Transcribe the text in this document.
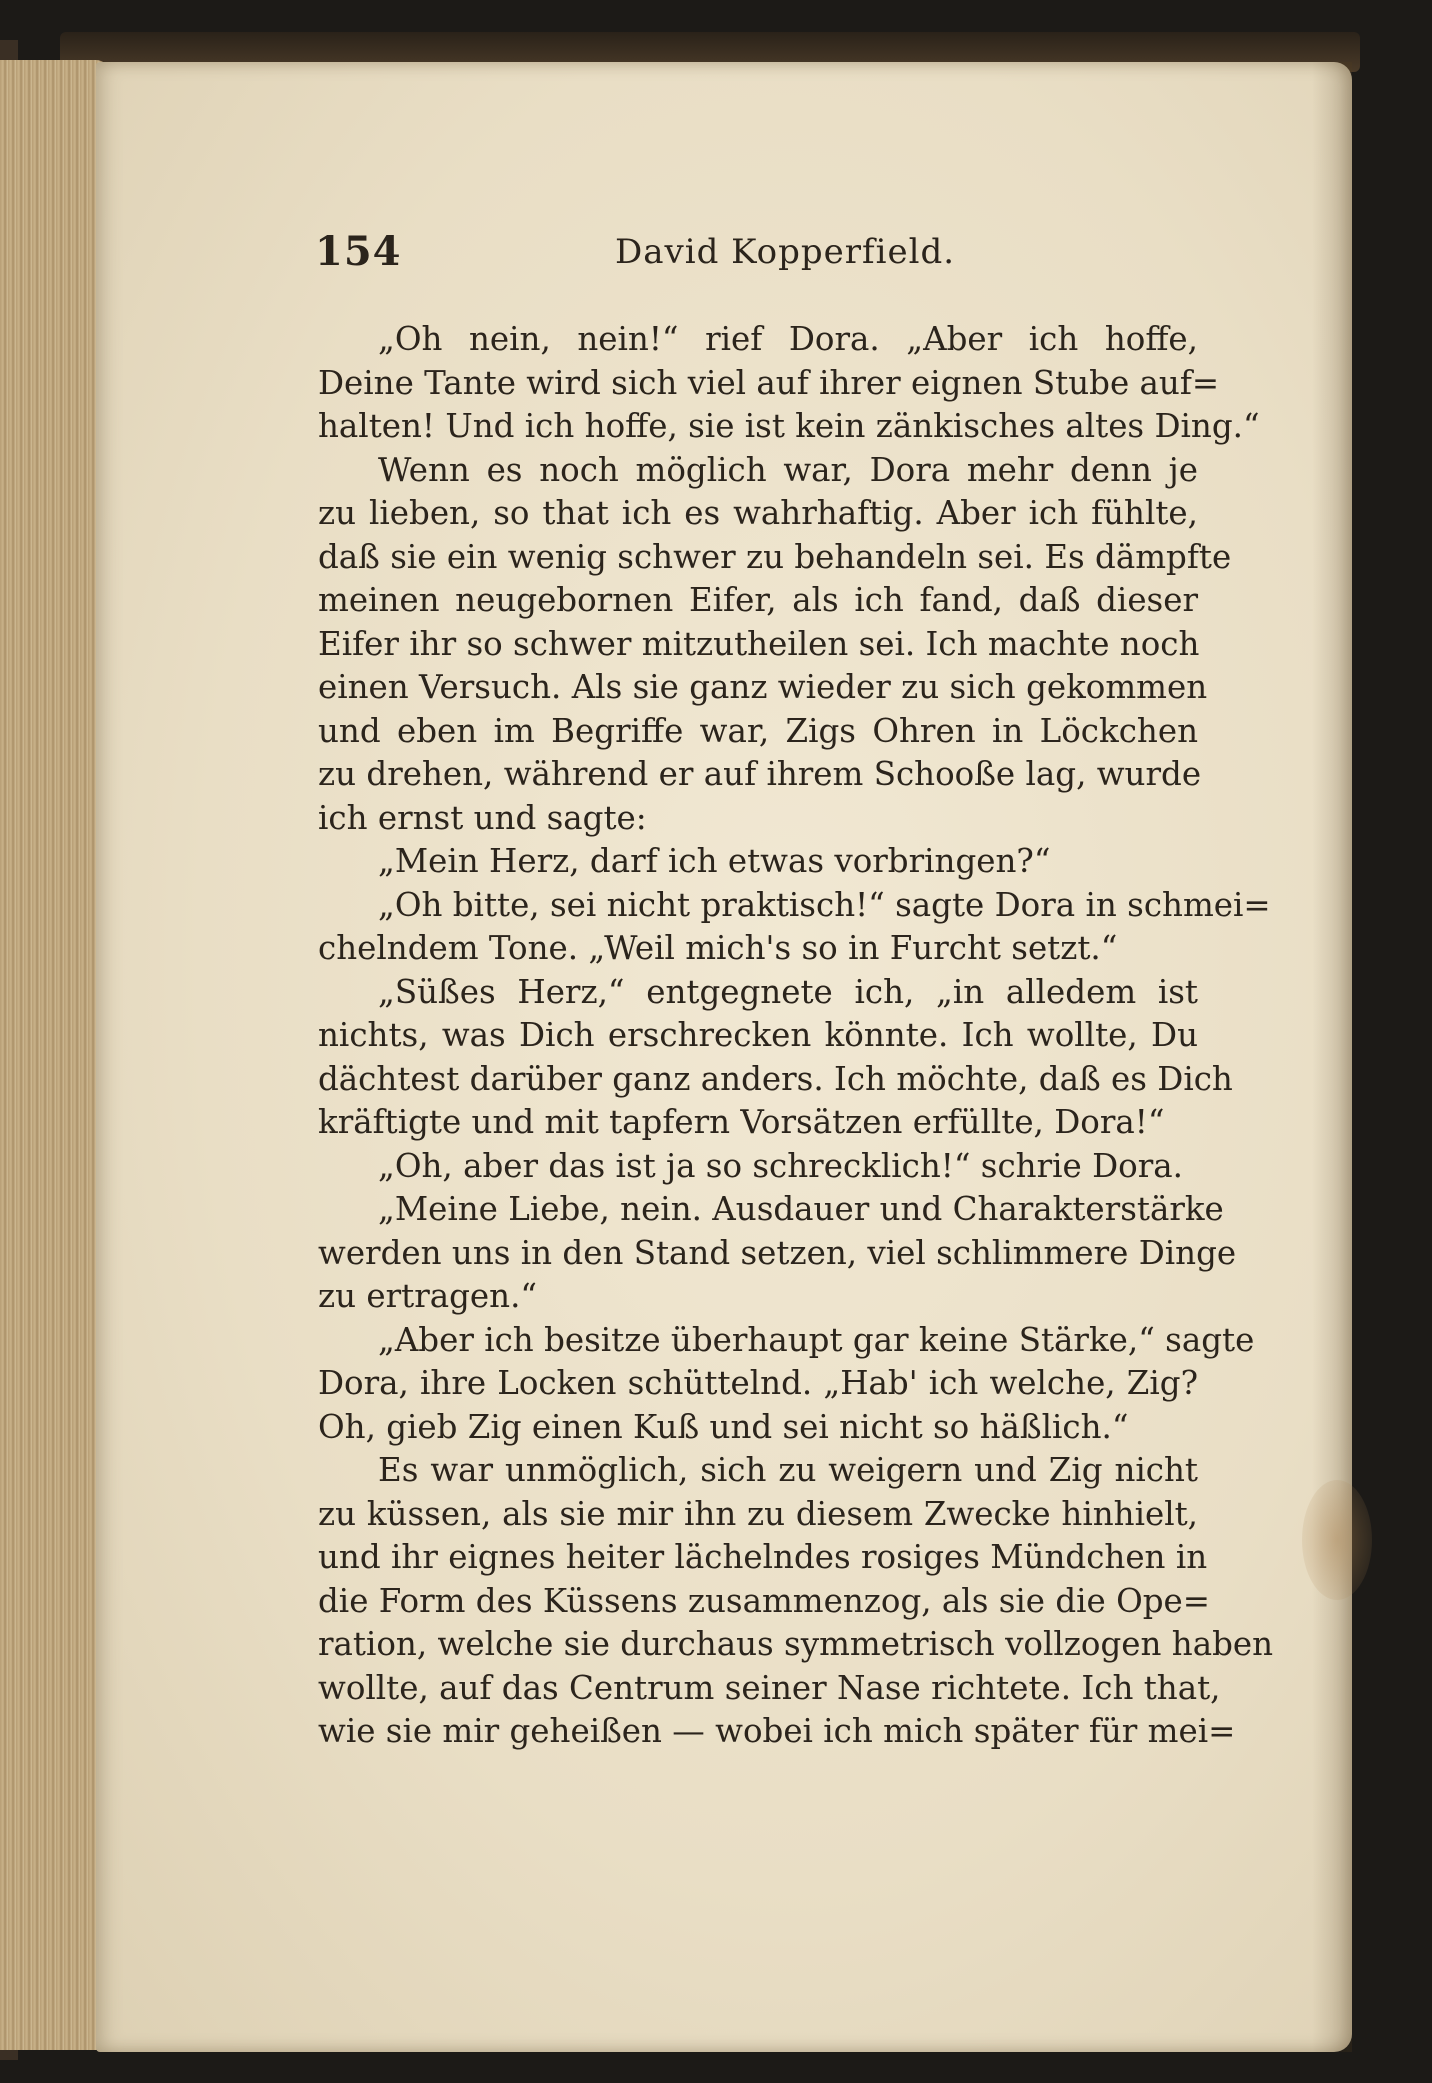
154	David Kopperfield.
„Oh nein, nein!“ rief Dora. „Aber ich hoffe,
Deine Tante wird sich viel auf ihrer eignen Stube auf=
halten! Und ich hoffe, sie ist kein zänkisches altes Ding.“
Wenn es noch möglich war, Dora mehr denn je
zu lieben, so that ich es wahrhaftig. Aber ich fühlte,
daß sie ein wenig schwer zu behandeln sei. Es dämpfte
meinen neugebornen Eifer, als ich fand, daß dieser
Eifer ihr so schwer mitzutheilen sei. Ich machte noch
einen Versuch. Als sie ganz wieder zu sich gekommen
und eben im Begriffe war, Zigs Ohren in Löckchen
zu drehen, während er auf ihrem Schooße lag, wurde
ich ernst und sagte:
„Mein Herz, darf ich etwas vorbringen?“
„Oh bitte, sei nicht praktisch!“ sagte Dora in schmei=
chelndem Tone. „Weil mich's so in Furcht setzt.“
„Süßes Herz,“ entgegnete ich, „in alledem ist
nichts, was Dich erschrecken könnte. Ich wollte, Du
dächtest darüber ganz anders. Ich möchte, daß es Dich
kräftigte und mit tapfern Vorsätzen erfüllte, Dora!“
„Oh, aber das ist ja so schrecklich!“ schrie Dora.
„Meine Liebe, nein. Ausdauer und Charakterstärke
werden uns in den Stand setzen, viel schlimmere Dinge
zu ertragen.“
„Aber ich besitze überhaupt gar keine Stärke,“ sagte
Dora, ihre Locken schüttelnd. „Hab' ich welche, Zig?
Oh, gieb Zig einen Kuß und sei nicht so häßlich.“
Es war unmöglich, sich zu weigern und Zig nicht
zu küssen, als sie mir ihn zu diesem Zwecke hinhielt,
und ihr eignes heiter lächelndes rosiges Mündchen in
die Form des Küssens zusammenzog, als sie die Ope=
ration, welche sie durchaus symmetrisch vollzogen haben
wollte, auf das Centrum seiner Nase richtete. Ich that,
wie sie mir geheißen — wobei ich mich später für mei=
